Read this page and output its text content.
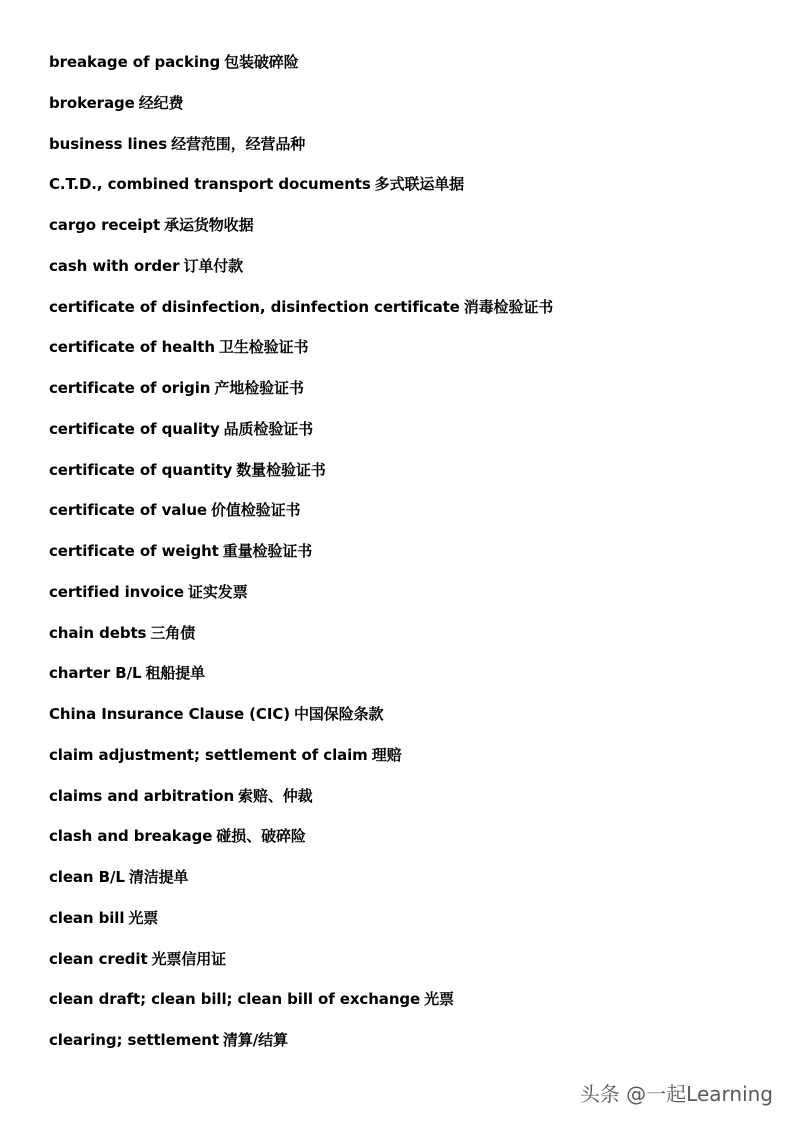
breakage of packing 包装破碎险
brokerage 经纪费
business lines 经营范围，经营品种
C.T.D., combined transport documents 多式联运单据
cargo receipt 承运货物收据
cash with order 订单付款
certificate of disinfection, disinfection certificate 消毒检验证书
certificate of health 卫生检验证书
certificate of origin 产地检验证书
certificate of quality 品质检验证书
certificate of quantity 数量检验证书
certificate of value 价值检验证书
certificate of weight 重量检验证书
certified invoice 证实发票
chain debts 三角债
charter B/L 租船提单
China Insurance Clause (CIC) 中国保险条款
claim adjustment; settlement of claim 理赔
claims and arbitration 索赔、仲裁
clash and breakage 碰损、破碎险
clean B/L 清洁提单
clean bill 光票
clean credit 光票信用证
clean draft; clean bill; clean bill of exchange 光票
clearing; settlement 清算/结算
头条 @一起Learning
